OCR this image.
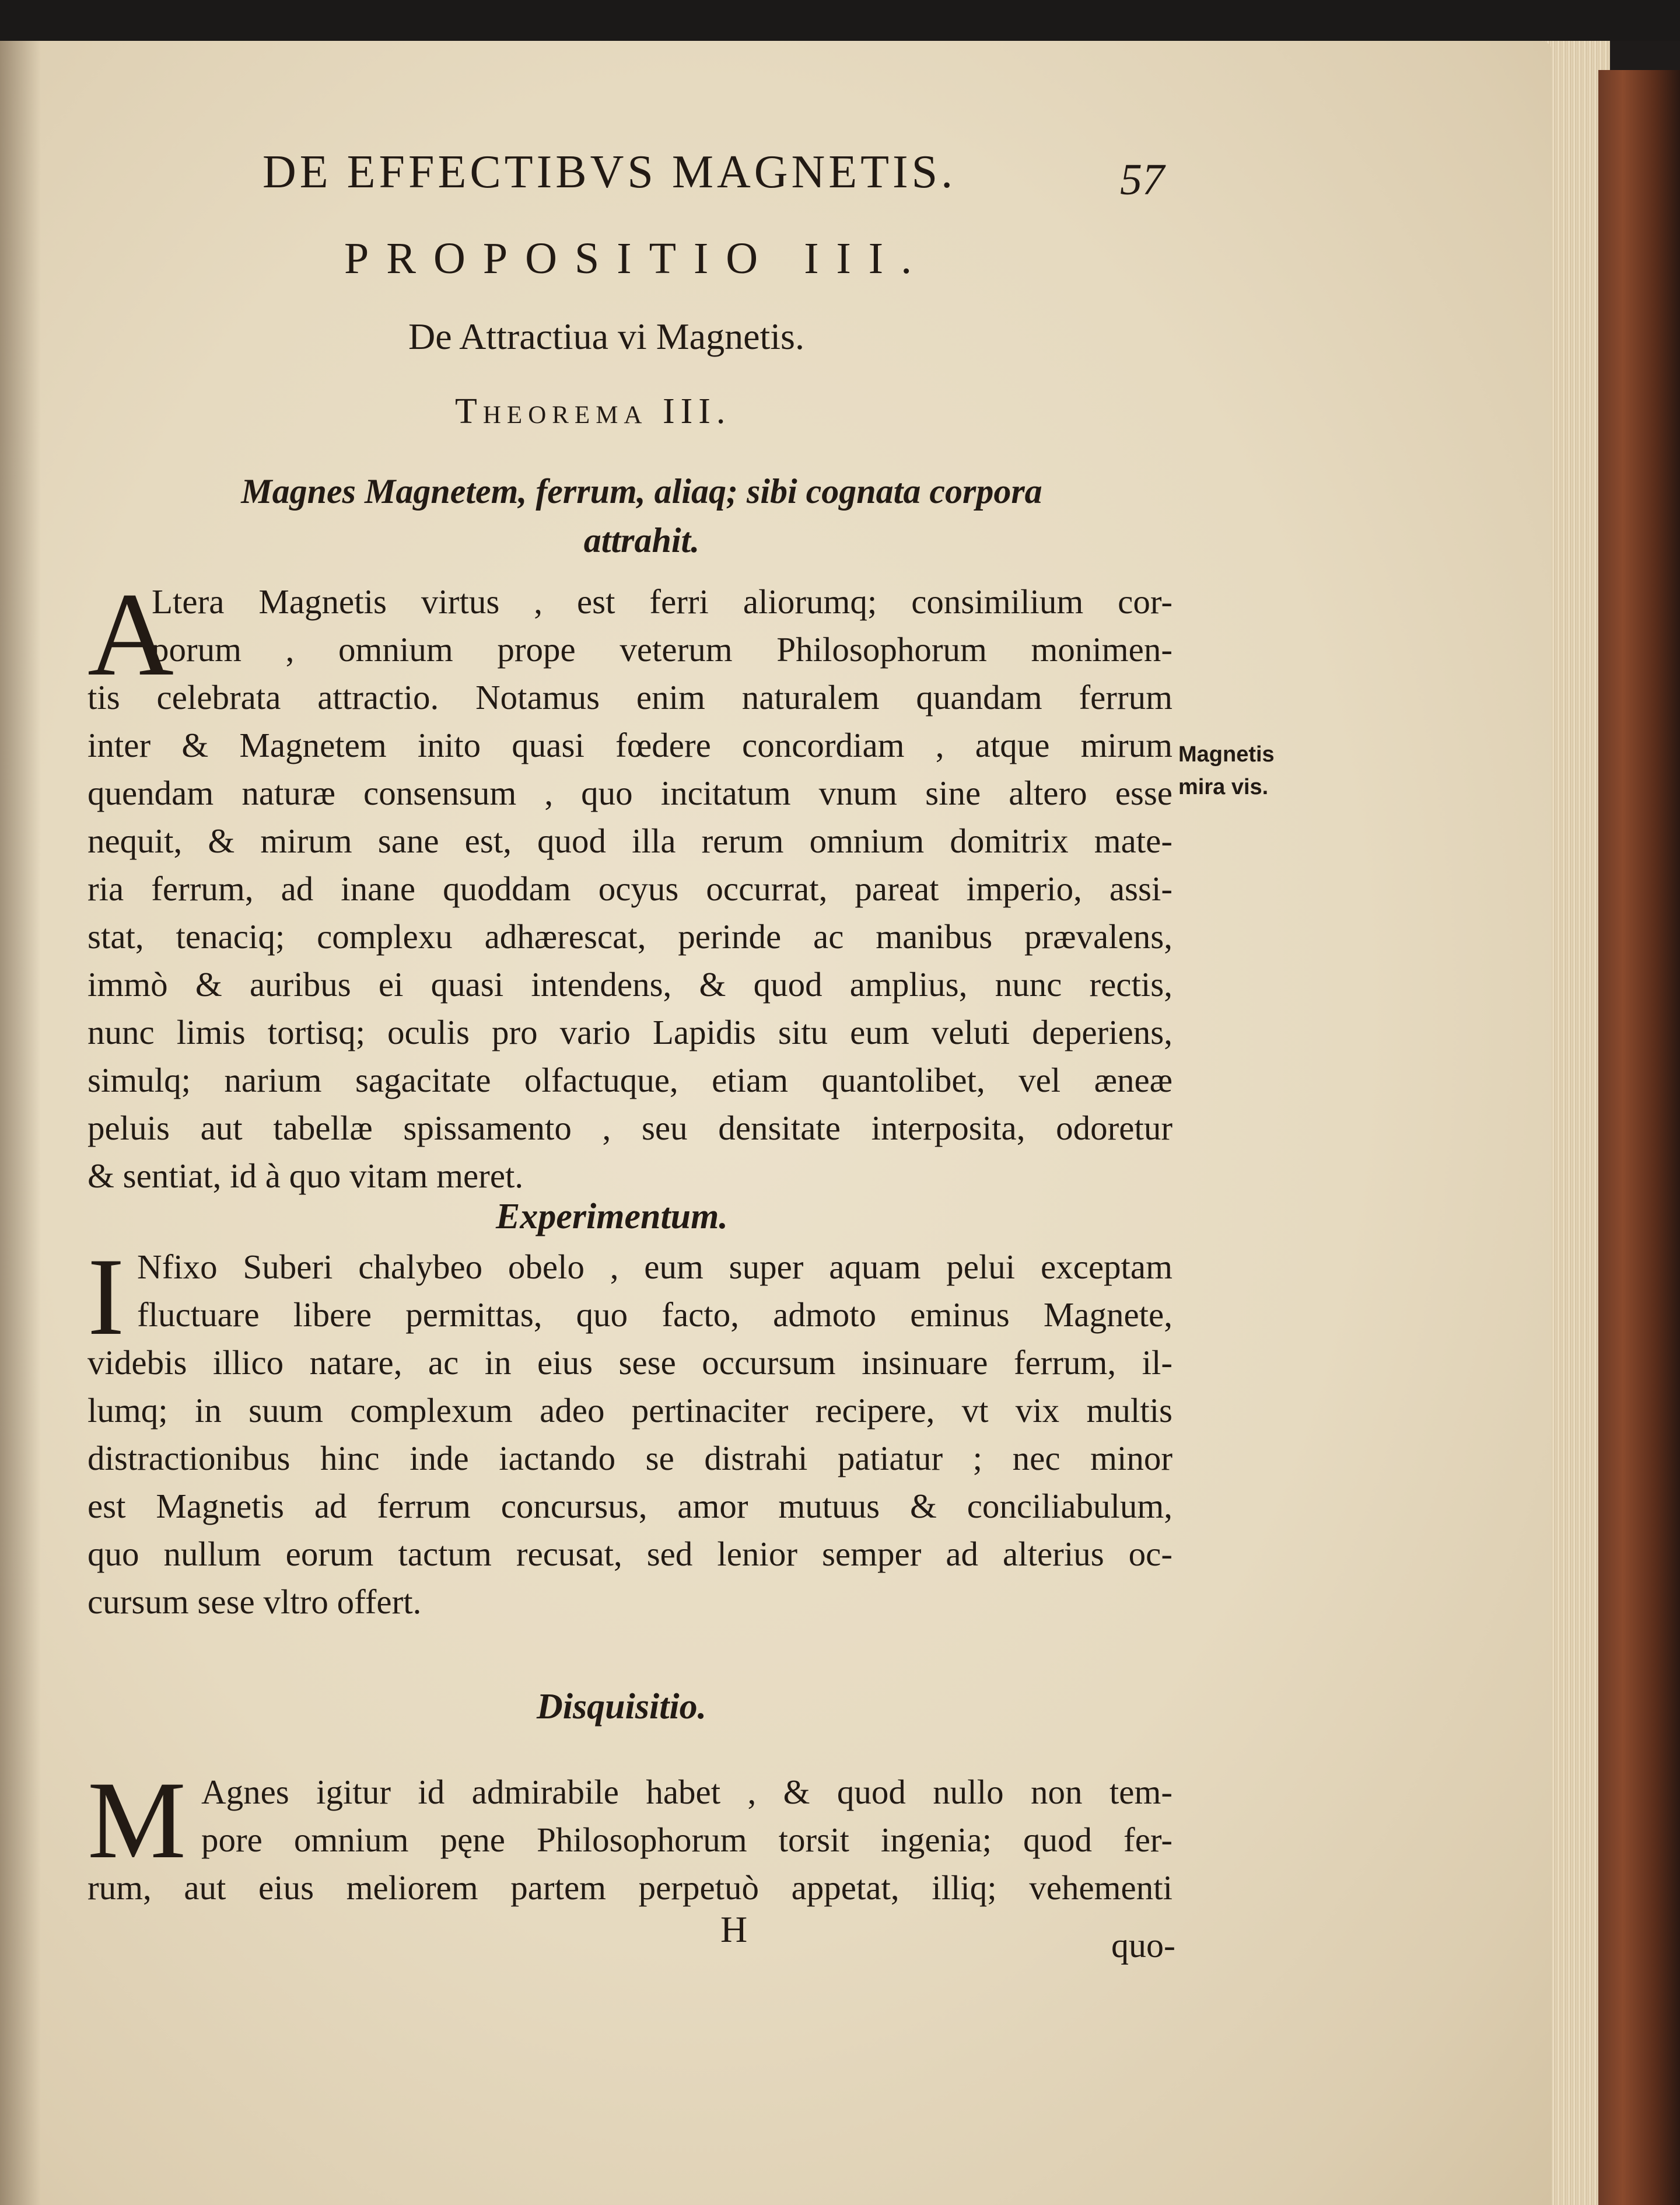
DE EFFECTIBVS MAGNETIS.	57
PROPOSITIO III.
De Attractiua vi Magnetis.
Theorema III.
Magnes Magnetem, ferrum, aliaq; sibi cognata corpora
attrahit.
A
Ltera Magnetis virtus , est ferri aliorumq; consimilium cor-
porum , omnium prope veterum Philosophorum monimen-
tis celebrata attractio. Notamus enim naturalem quandam ferrum
inter & Magnetem inito quasi fœdere concordiam , atque mirum
quendam naturæ consensum , quo incitatum vnum sine altero esse
nequit, & mirum sane est, quod illa rerum omnium domitrix mate-
ria ferrum, ad inane quoddam ocyus occurrat, pareat imperio, assi-
stat, tenaciq; complexu adhærescat, perinde ac manibus prævalens,
immò & auribus ei quasi intendens, & quod amplius, nunc rectis,
nunc limis tortisq; oculis pro vario Lapidis situ eum veluti deperiens,
simulq; narium sagacitate olfactuque, etiam quantolibet, vel æneæ
peluis aut tabellæ spissamento , seu densitate interposita, odoretur
& sentiat, id à quo vitam meret.
Magnetis
mira vis.
Experimentum.
I Nfixo Suberi chalybeo obelo , eum super aquam pelui exceptam
fluctuare libere permittas, quo facto, admoto eminus Magnete,
videbis illico natare, ac in eius sese occursum insinuare ferrum, il-
lumq; in suum complexum adeo pertinaciter recipere, vt vix multis
distractionibus hinc inde iactando se distrahi patiatur ; nec minor
est Magnetis ad ferrum concursus, amor mutuus & conciliabulum,
quo nullum eorum tactum recusat, sed lenior semper ad alterius oc-
cursum sese vltro offert.
Disquisitio.
M Agnes igitur id admirabile habet , & quod nullo non tem-
pore omnium pęne Philosophorum torsit ingenia; quod fer-
rum, aut eius meliorem partem perpetuò appetat, illiq; vehementi
H	quo-
